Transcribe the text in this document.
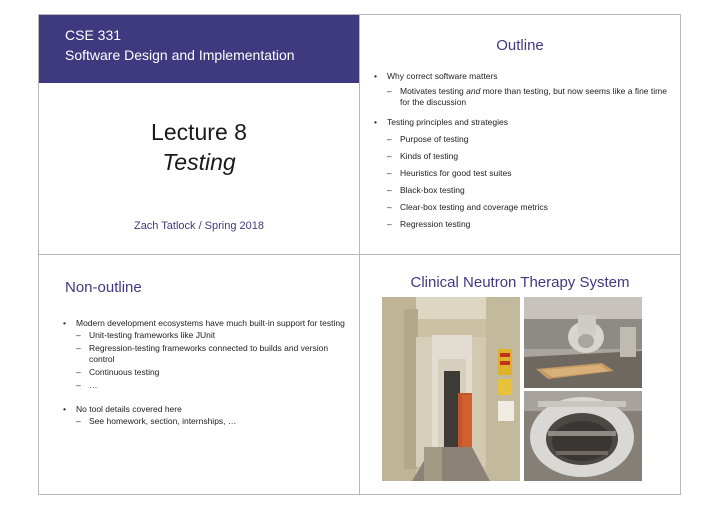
CSE 331
Software Design and Implementation
Lecture 8
Testing
Zach Tatlock / Spring 2018
Outline
• Why correct software matters
– Motivates testing and more than testing, but now seems like a fine time for the discussion
• Testing principles and strategies
– Purpose of testing
– Kinds of testing
– Heuristics for good test suites
– Black-box testing
– Clear-box testing and coverage metrics
– Regression testing
Non-outline
• Modern development ecosystems have much built-in support for testing
– Unit-testing frameworks like JUnit
– Regression-testing frameworks connected to builds and version control
– Continuous testing
– …
• No tool details covered here
– See homework, section, internships, …
Clinical Neutron Therapy System
